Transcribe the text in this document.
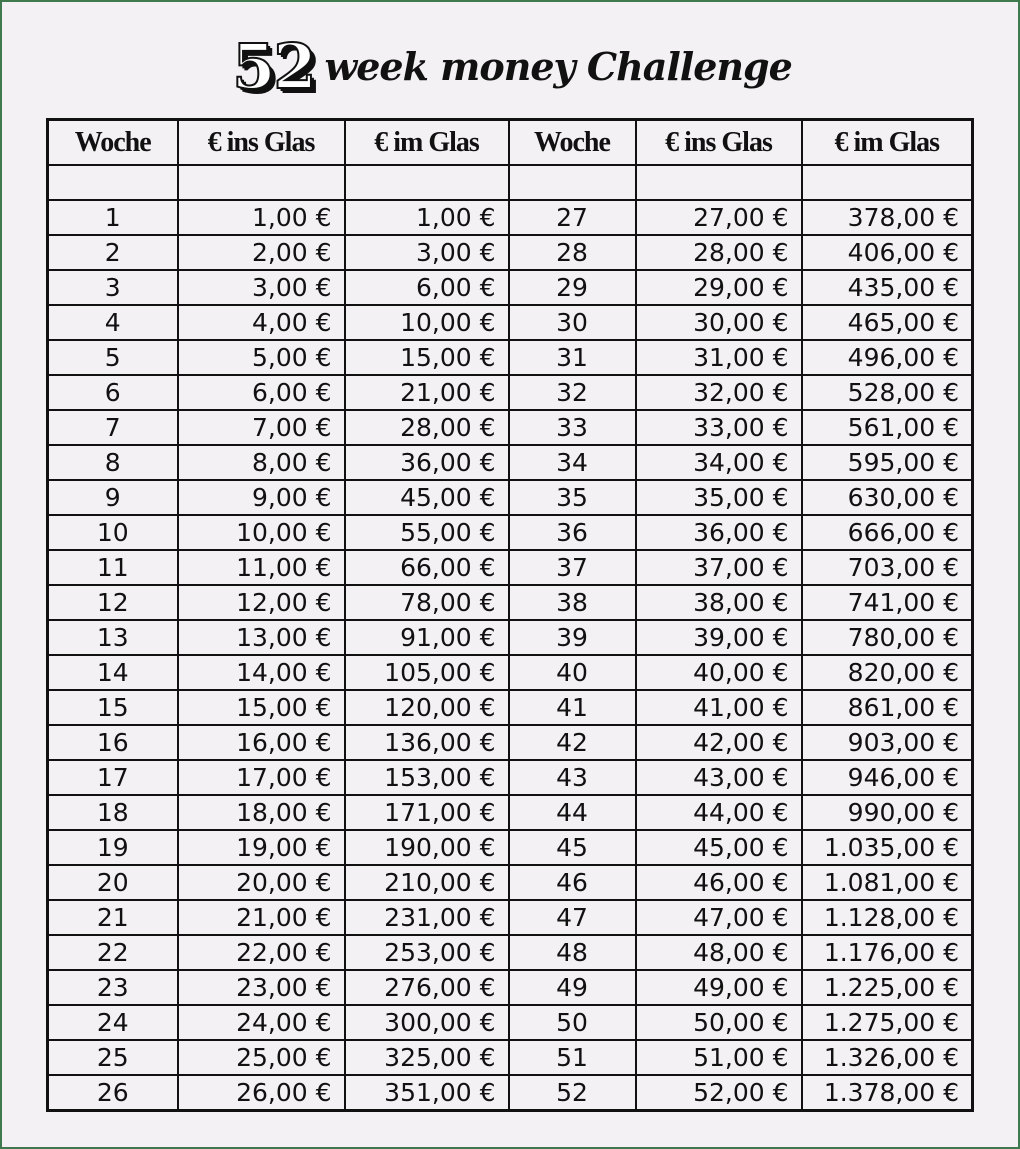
52 week money Challenge
Woche	€ ins Glas	€ im Glas	Woche	€ ins Glas	€ im Glas

1	1,00 €	1,00 €	27	27,00 €	378,00 €
2	2,00 €	3,00 €	28	28,00 €	406,00 €
3	3,00 €	6,00 €	29	29,00 €	435,00 €
4	4,00 €	10,00 €	30	30,00 €	465,00 €
5	5,00 €	15,00 €	31	31,00 €	496,00 €
6	6,00 €	21,00 €	32	32,00 €	528,00 €
7	7,00 €	28,00 €	33	33,00 €	561,00 €
8	8,00 €	36,00 €	34	34,00 €	595,00 €
9	9,00 €	45,00 €	35	35,00 €	630,00 €
10	10,00 €	55,00 €	36	36,00 €	666,00 €
11	11,00 €	66,00 €	37	37,00 €	703,00 €
12	12,00 €	78,00 €	38	38,00 €	741,00 €
13	13,00 €	91,00 €	39	39,00 €	780,00 €
14	14,00 €	105,00 €	40	40,00 €	820,00 €
15	15,00 €	120,00 €	41	41,00 €	861,00 €
16	16,00 €	136,00 €	42	42,00 €	903,00 €
17	17,00 €	153,00 €	43	43,00 €	946,00 €
18	18,00 €	171,00 €	44	44,00 €	990,00 €
19	19,00 €	190,00 €	45	45,00 €	1.035,00 €
20	20,00 €	210,00 €	46	46,00 €	1.081,00 €
21	21,00 €	231,00 €	47	47,00 €	1.128,00 €
22	22,00 €	253,00 €	48	48,00 €	1.176,00 €
23	23,00 €	276,00 €	49	49,00 €	1.225,00 €
24	24,00 €	300,00 €	50	50,00 €	1.275,00 €
25	25,00 €	325,00 €	51	51,00 €	1.326,00 €
26	26,00 €	351,00 €	52	52,00 €	1.378,00 €
